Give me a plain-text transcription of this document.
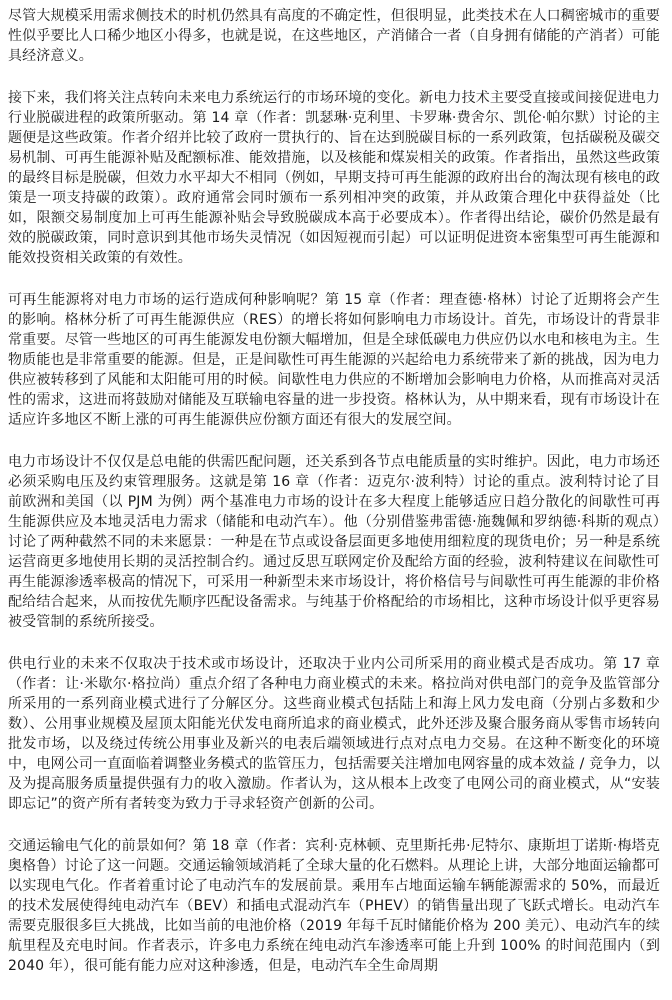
尽管大规模采用需求侧技术的时机仍然具有高度的不确定性，但很明显，此类技术在人口稠密城市的重要性似乎要比人口稀少地区小得多，也就是说，在这些地区，产消储合一者（自身拥有储能的产消者）可能具经济意义。

接下来，我们将关注点转向未来电力系统运行的市场环境的变化。新电力技术主要受直接或间接促进电力行业脱碳进程的政策所驱动。第 14 章（作者：凯瑟琳·克利里、卡罗琳·费舍尔、凯伦·帕尔默）讨论的主题便是这些政策。作者介绍并比较了政府一贯执行的、旨在达到脱碳目标的一系列政策，包括碳税及碳交易机制、可再生能源补贴及配额标准、能效措施，以及核能和煤炭相关的政策。作者指出，虽然这些政策的最终目标是脱碳，但效力水平却大不相同（例如，早期支持可再生能源的政府出台的淘汰现有核电的政策是一项支持碳的政策）。政府通常会同时颁布一系列相冲突的政策，并从政策合理化中获得益处（比如，限额交易制度加上可再生能源补贴会导致脱碳成本高于必要成本）。作者得出结论，碳价仍然是最有效的脱碳政策，同时意识到其他市场失灵情况（如因短视而引起）可以证明促进资本密集型可再生能源和能效投资相关政策的有效性。

可再生能源将对电力市场的运行造成何种影响呢？第 15 章（作者：理查德·格林）讨论了近期将会产生的影响。格林分析了可再生能源供应（RES）的增长将如何影响电力市场设计。首先，市场设计的背景非常重要。尽管一些地区的可再生能源发电份额大幅增加，但是全球低碳电力供应仍以水电和核电为主。生物质能也是非常重要的能源。但是，正是间歇性可再生能源的兴起给电力系统带来了新的挑战，因为电力供应被转移到了风能和太阳能可用的时候。间歇性电力供应的不断增加会影响电力价格，从而推高对灵活性的需求，这进而将鼓励对储能及互联输电容量的进一步投资。格林认为，从中期来看，现有市场设计在适应许多地区不断上涨的可再生能源供应份额方面还有很大的发展空间。

电力市场设计不仅仅是总电能的供需匹配问题，还关系到各节点电能质量的实时维护。因此，电力市场还必须采购电压及约束管理服务。这就是第 16 章（作者：迈克尔·波利特）讨论的重点。波利特讨论了目前欧洲和美国（以 PJM 为例）两个基准电力市场的设计在多大程度上能够适应日趋分散化的间歇性可再生能源供应及本地灵活电力需求（储能和电动汽车）。他（分别借鉴弗雷德·施魏佩和罗纳德·科斯的观点）讨论了两种截然不同的未来愿景：一种是在节点或设备层面更多地使用细粒度的现货电价；另一种是系统运营商更多地使用长期的灵活控制合约。通过反思互联网定价及配给方面的经验，波利特建议在间歇性可再生能源渗透率极高的情况下，可采用一种新型未来市场设计，将价格信号与间歇性可再生能源的非价格配给结合起来，从而按优先顺序匹配设备需求。与纯基于价格配给的市场相比，这种市场设计似乎更容易被受管制的系统所接受。

供电行业的未来不仅取决于技术或市场设计，还取决于业内公司所采用的商业模式是否成功。第 17 章（作者：让·米歇尔·格拉尚）重点介绍了各种电力商业模式的未来。格拉尚对供电部门的竞争及监管部分所采用的一系列商业模式进行了分解区分。这些商业模式包括陆上和海上风力发电商（分别占多数和少数）、公用事业规模及屋顶太阳能光伏发电商所追求的商业模式，此外还涉及聚合服务商从零售市场转向批发市场，以及绕过传统公用事业及新兴的电表后端领域进行点对点电力交易。在这种不断变化的环境中，电网公司一直面临着调整业务模式的监管压力，包括需要关注增加电网容量的成本效益 / 竞争力，以及为提高服务质量提供强有力的收入激励。作者认为，这从根本上改变了电网公司的商业模式，从“安装即忘记”的资产所有者转变为致力于寻求轻资产创新的公司。

交通运输电气化的前景如何？第 18 章（作者：宾利·克林顿、克里斯托弗·尼特尔、康斯坦丁诺斯·梅塔克奥格鲁）讨论了这一问题。交通运输领域消耗了全球大量的化石燃料。从理论上讲，大部分地面运输都可以实现电气化。作者着重讨论了电动汽车的发展前景。乘用车占地面运输车辆能源需求的 50%，而最近的技术发展使得纯电动汽车（BEV）和插电式混动汽车（PHEV）的销售量出现了飞跃式增长。电动汽车需要克服很多巨大挑战，比如当前的电池价格（2019 年每千瓦时储能价格为 200 美元）、电动汽车的续航里程及充电时间。作者表示，许多电力系统在纯电动汽车渗透率可能上升到 100% 的时间范围内（到 2040 年），很可能有能力应对这种渗透，但是，电动汽车全生命周期
